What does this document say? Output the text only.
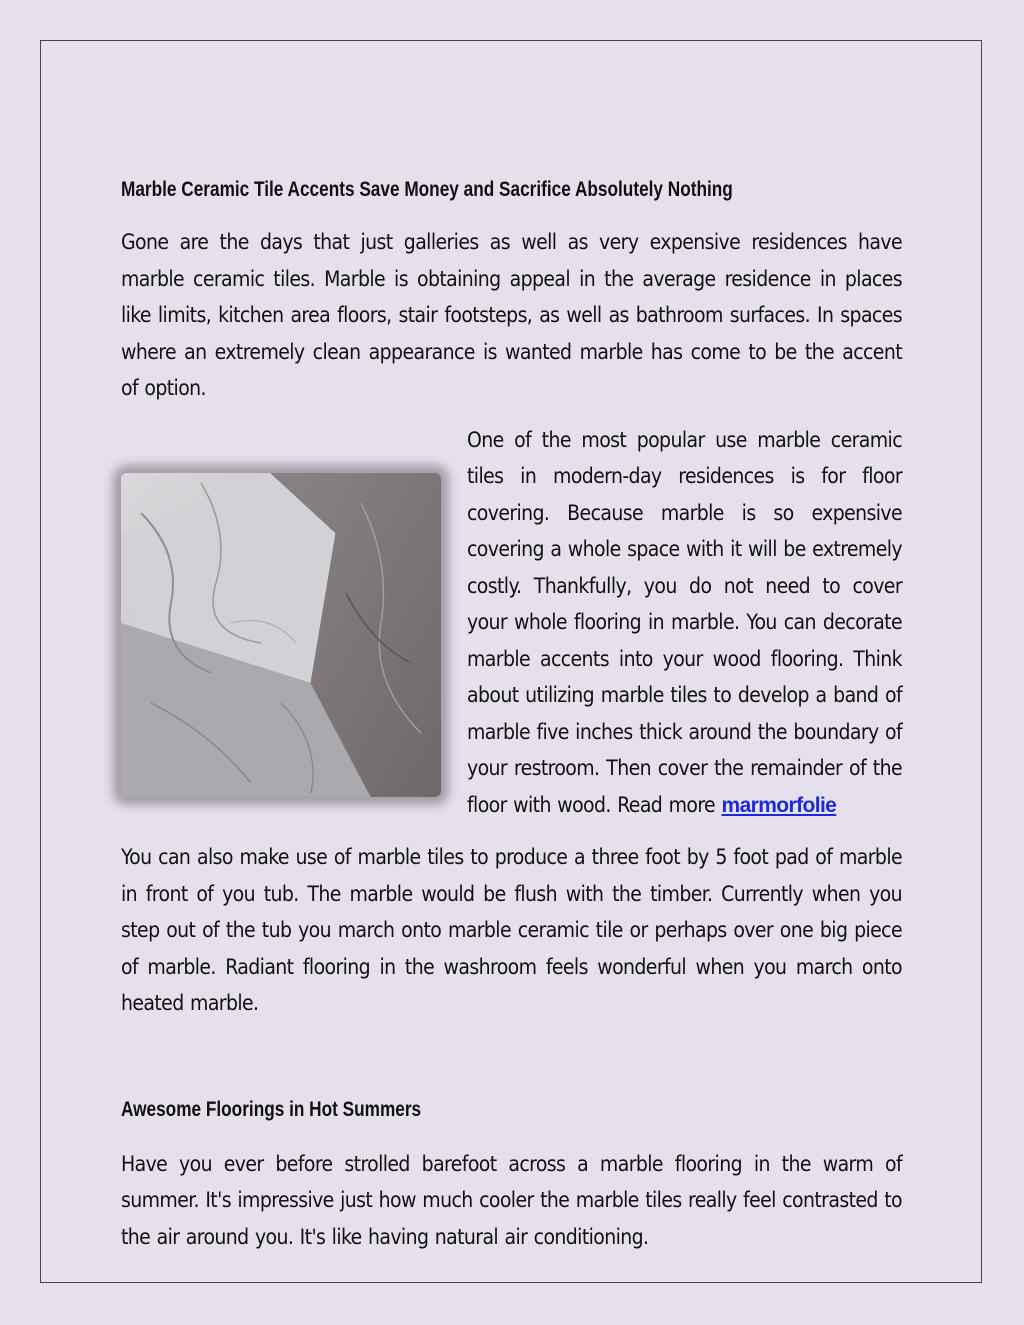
Marble Ceramic Tile Accents Save Money and Sacrifice Absolutely Nothing

Gone are the days that just galleries as well as very expensive residences have marble ceramic tiles. Marble is obtaining appeal in the average residence in places like limits, kitchen area floors, stair footsteps, as well as bathroom surfaces. In spaces where an extremely clean appearance is wanted marble has come to be the accent of option.

One of the most popular use marble ceramic tiles in modern-day residences is for floor covering. Because marble is so expensive covering a whole space with it will be extremely costly. Thankfully, you do not need to cover your whole flooring in marble. You can decorate marble accents into your wood flooring. Think about utilizing marble tiles to develop a band of marble five inches thick around the boundary of your restroom. Then cover the remainder of the floor with wood. Read more marmorfolie

You can also make use of marble tiles to produce a three foot by 5 foot pad of marble in front of you tub. The marble would be flush with the timber. Currently when you step out of the tub you march onto marble ceramic tile or perhaps over one big piece of marble. Radiant flooring in the washroom feels wonderful when you march onto heated marble.

Awesome Floorings in Hot Summers

Have you ever before strolled barefoot across a marble flooring in the warm of summer. It's impressive just how much cooler the marble tiles really feel contrasted to the air around you. It's like having natural air conditioning.
